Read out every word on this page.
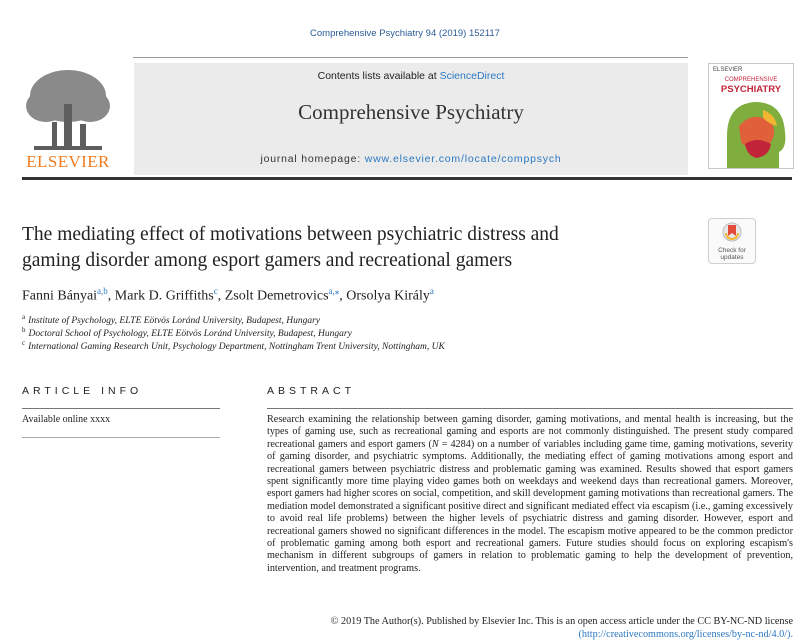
Comprehensive Psychiatry 94 (2019) 152117
ELSEVIER
Contents lists available at ScienceDirect
Comprehensive Psychiatry
journal homepage: www.elsevier.com/locate/comppsych
ELSEVIER
COMPREHENSIVE
PSYCHIATRY
The mediating effect of motivations between psychiatric distress and
gaming disorder among esport gamers and recreational gamers	Check for
updates
Fanni Bányai$^{a,b}$, Mark D. Griffiths$^c$, Zsolt Demetrovics$^{a,⁎}$, Orsolya Király$^a$
$^a$ Institute of Psychology, ELTE Eötvös Loránd University, Budapest, Hungary
$^b$ Doctoral School of Psychology, ELTE Eötvös Loránd University, Budapest, Hungary
$^c$ International Gaming Research Unit, Psychology Department, Nottingham Trent University, Nottingham, UK
ARTICLE INFO	ABSTRACT
Available online xxxx	Research examining the relationship between gaming disorder, gaming motivations, and mental health is increasing, but the types of gaming use, such as recreational gaming and esports are not commonly distinguished. The present study compared recreational gamers and esport gamers (N = 4284) on a number of variables including game time, gaming motivations, severity of gaming disorder, and psychiatric symptoms. Additionally, the mediating effect of gaming motivations among esport and recreational gamers between psychiatric distress and problematic gaming was examined. Results showed that esport gamers spent significantly more time playing video games both on weekdays and weekend days than recreational gamers. Moreover, esport gamers had higher scores on social, competition, and skill development gaming motivations than recreational gamers. The mediation model demonstrated a significant positive direct and significant mediated effect via escapism (i.e., gaming excessively to avoid real life problems) between the higher levels of psychiatric distress and gaming disorder. However, esport and recreational gamers showed no significant differences in the model. The escapism motive appeared to be the common predictor of problematic gaming among both esport and recreational gamers. Future studies should focus on exploring escapism's mechanism in different subgroups of gamers in relation to problematic gaming to help the development of prevention, intervention, and treatment programs.
© 2019 The Author(s). Published by Elsevier Inc. This is an open access article under the CC BY-NC-ND license
(http://creativecommons.org/licenses/by-nc-nd/4.0/).
